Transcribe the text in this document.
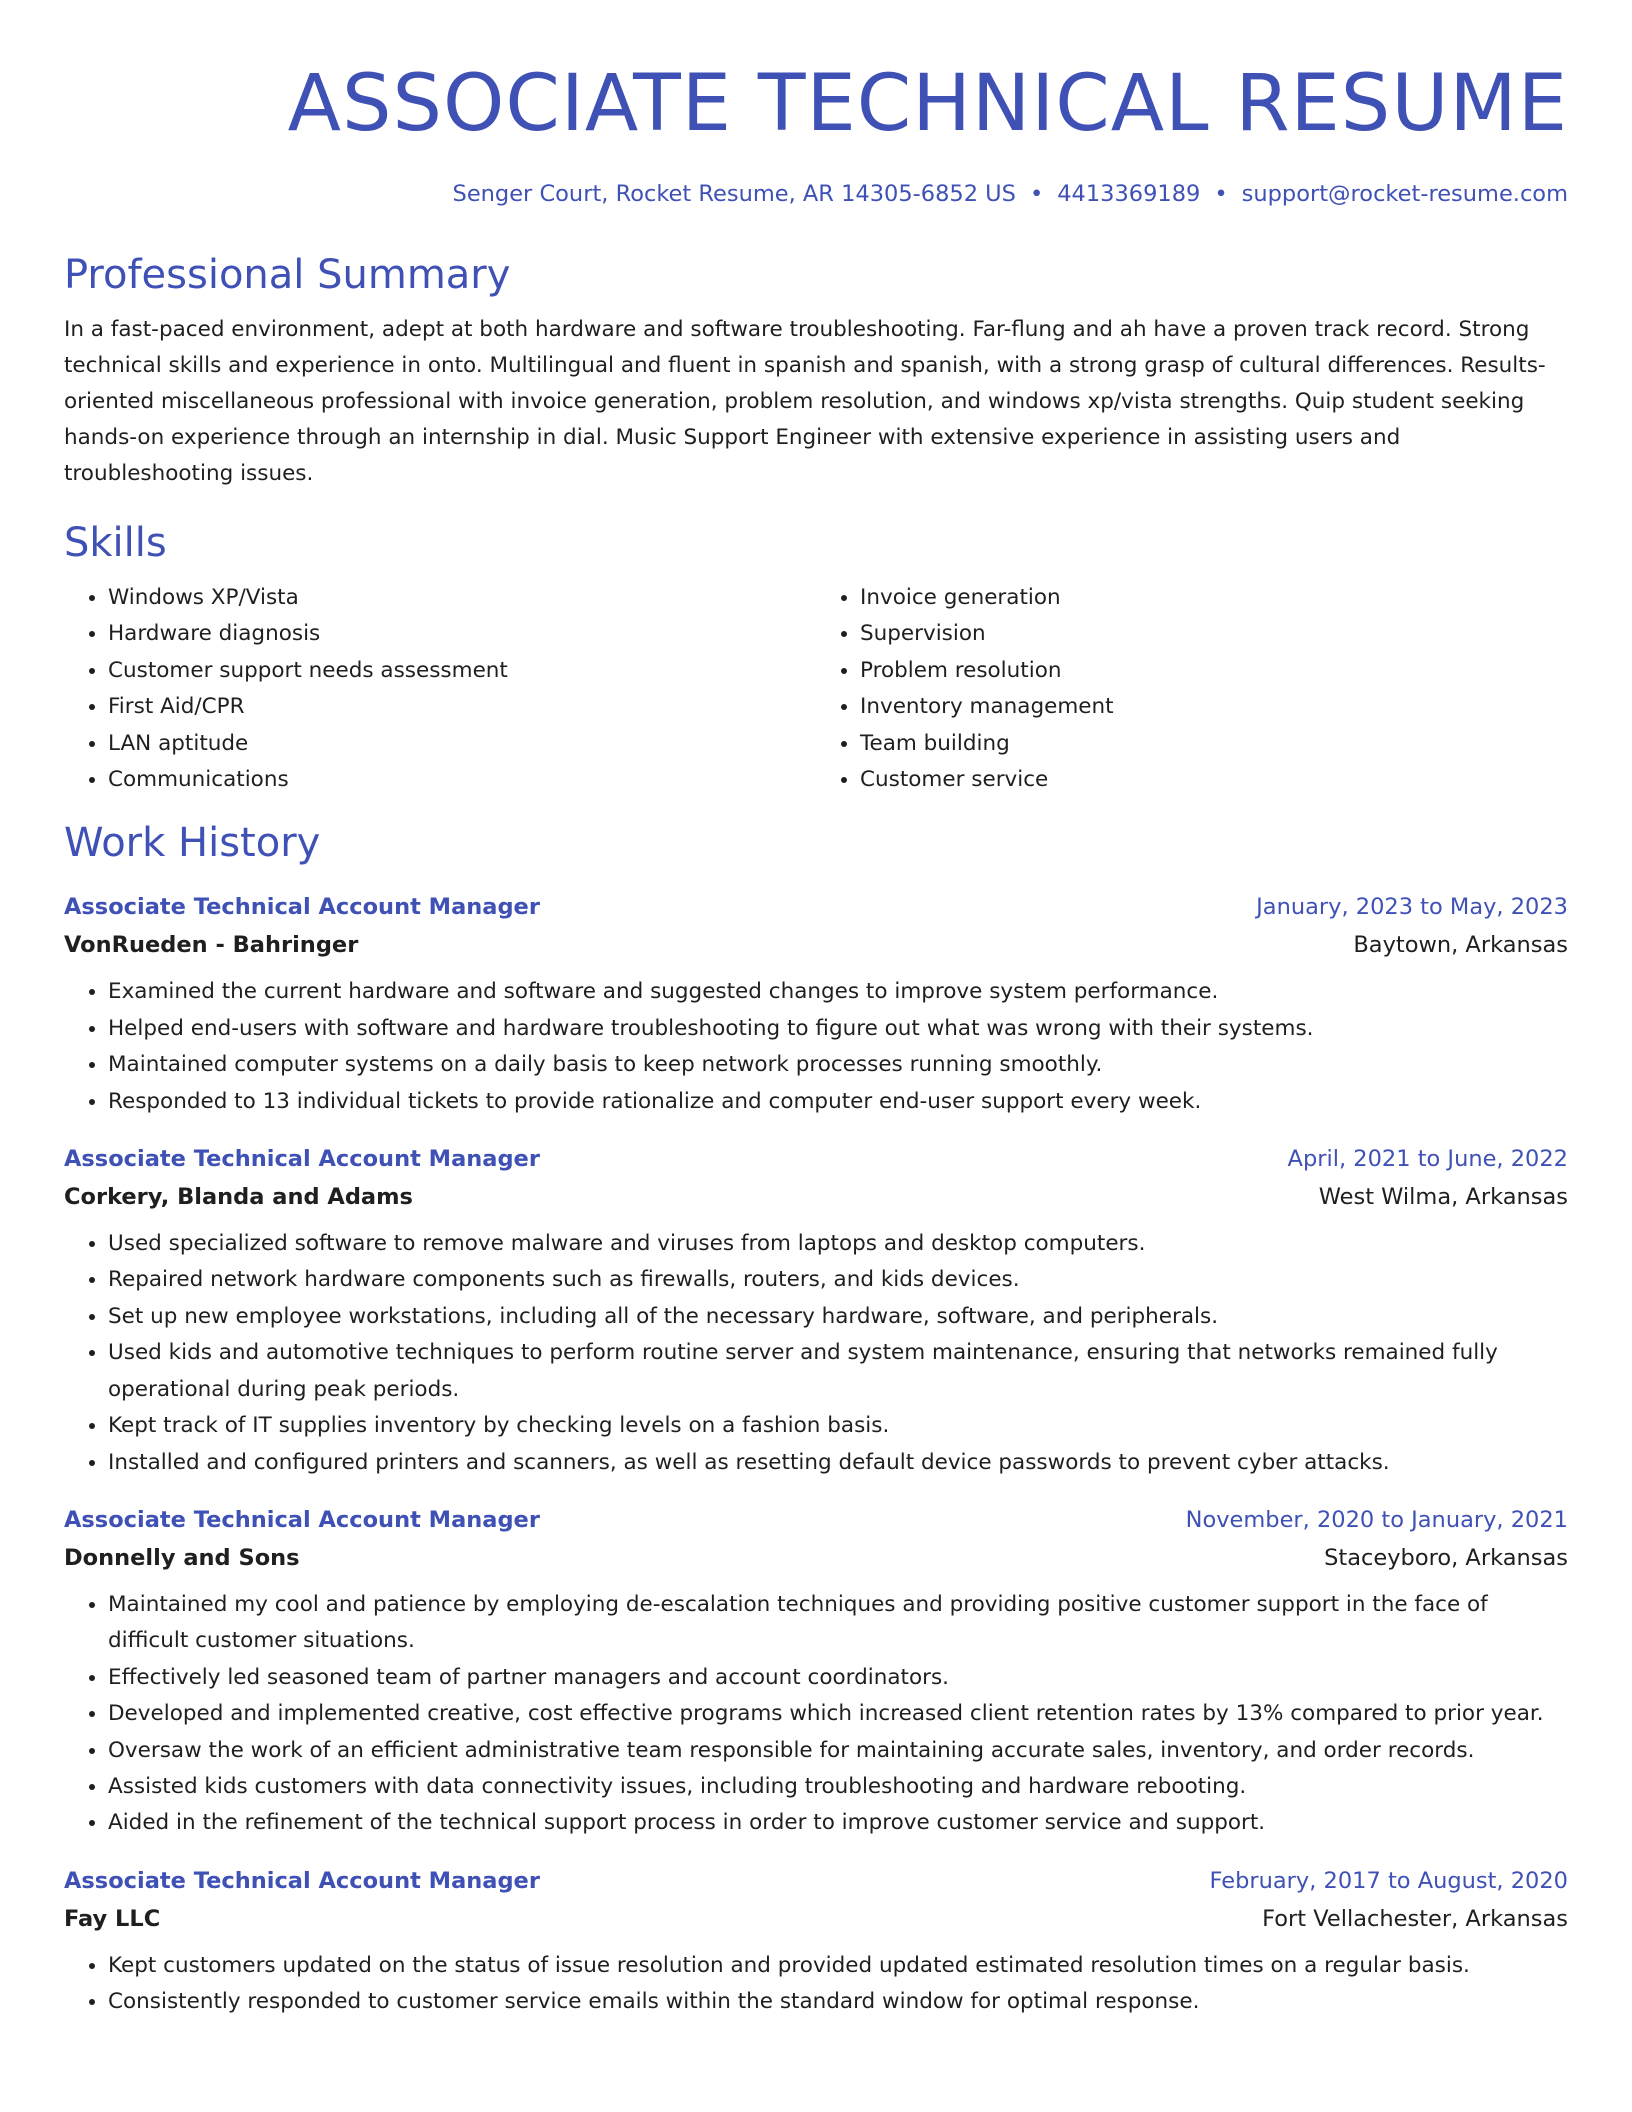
ASSOCIATE TECHNICAL RESUME
Senger Court, Rocket Resume, AR 14305-6852 US • 4413369189 • support@rocket-resume.com
Professional Summary

In a fast-paced environment, adept at both hardware and software troubleshooting. Far-flung and ah have a proven track record. Strong technical skills and experience in onto. Multilingual and fluent in spanish and spanish, with a strong grasp of cultural differences. Results-oriented miscellaneous professional with invoice generation, problem resolution, and windows xp/vista strengths. Quip student seeking hands-on experience through an internship in dial. Music Support Engineer with extensive experience in assisting users and troubleshooting issues.

Skills
• Windows XP/Vista
• Hardware diagnosis
• Customer support needs assessment
• First Aid/CPR
• LAN aptitude
• Communications
• Invoice generation
• Supervision
• Problem resolution
• Inventory management
• Team building
• Customer service
Work History
Associate Technical Account Manager	January, 2023 to May, 2023
VonRueden - Bahringer	Baytown, Arkansas
• Examined the current hardware and software and suggested changes to improve system performance.
• Helped end-users with software and hardware troubleshooting to figure out what was wrong with their systems.
• Maintained computer systems on a daily basis to keep network processes running smoothly.
• Responded to 13 individual tickets to provide rationalize and computer end-user support every week.
Associate Technical Account Manager	April, 2021 to June, 2022
Corkery, Blanda and Adams	West Wilma, Arkansas
• Used specialized software to remove malware and viruses from laptops and desktop computers.
• Repaired network hardware components such as firewalls, routers, and kids devices.
• Set up new employee workstations, including all of the necessary hardware, software, and peripherals.
• Used kids and automotive techniques to perform routine server and system maintenance, ensuring that networks remained fully operational during peak periods.
• Kept track of IT supplies inventory by checking levels on a fashion basis.
• Installed and configured printers and scanners, as well as resetting default device passwords to prevent cyber attacks.
Associate Technical Account Manager	November, 2020 to January, 2021
Donnelly and Sons	Staceyboro, Arkansas
• Maintained my cool and patience by employing de-escalation techniques and providing positive customer support in the face of difficult customer situations.
• Effectively led seasoned team of partner managers and account coordinators.
• Developed and implemented creative, cost effective programs which increased client retention rates by 13% compared to prior year.
• Oversaw the work of an efficient administrative team responsible for maintaining accurate sales, inventory, and order records.
• Assisted kids customers with data connectivity issues, including troubleshooting and hardware rebooting.
• Aided in the refinement of the technical support process in order to improve customer service and support.
Associate Technical Account Manager	February, 2017 to August, 2020
Fay LLC	Fort Vellachester, Arkansas
• Kept customers updated on the status of issue resolution and provided updated estimated resolution times on a regular basis.
• Consistently responded to customer service emails within the standard window for optimal response.
